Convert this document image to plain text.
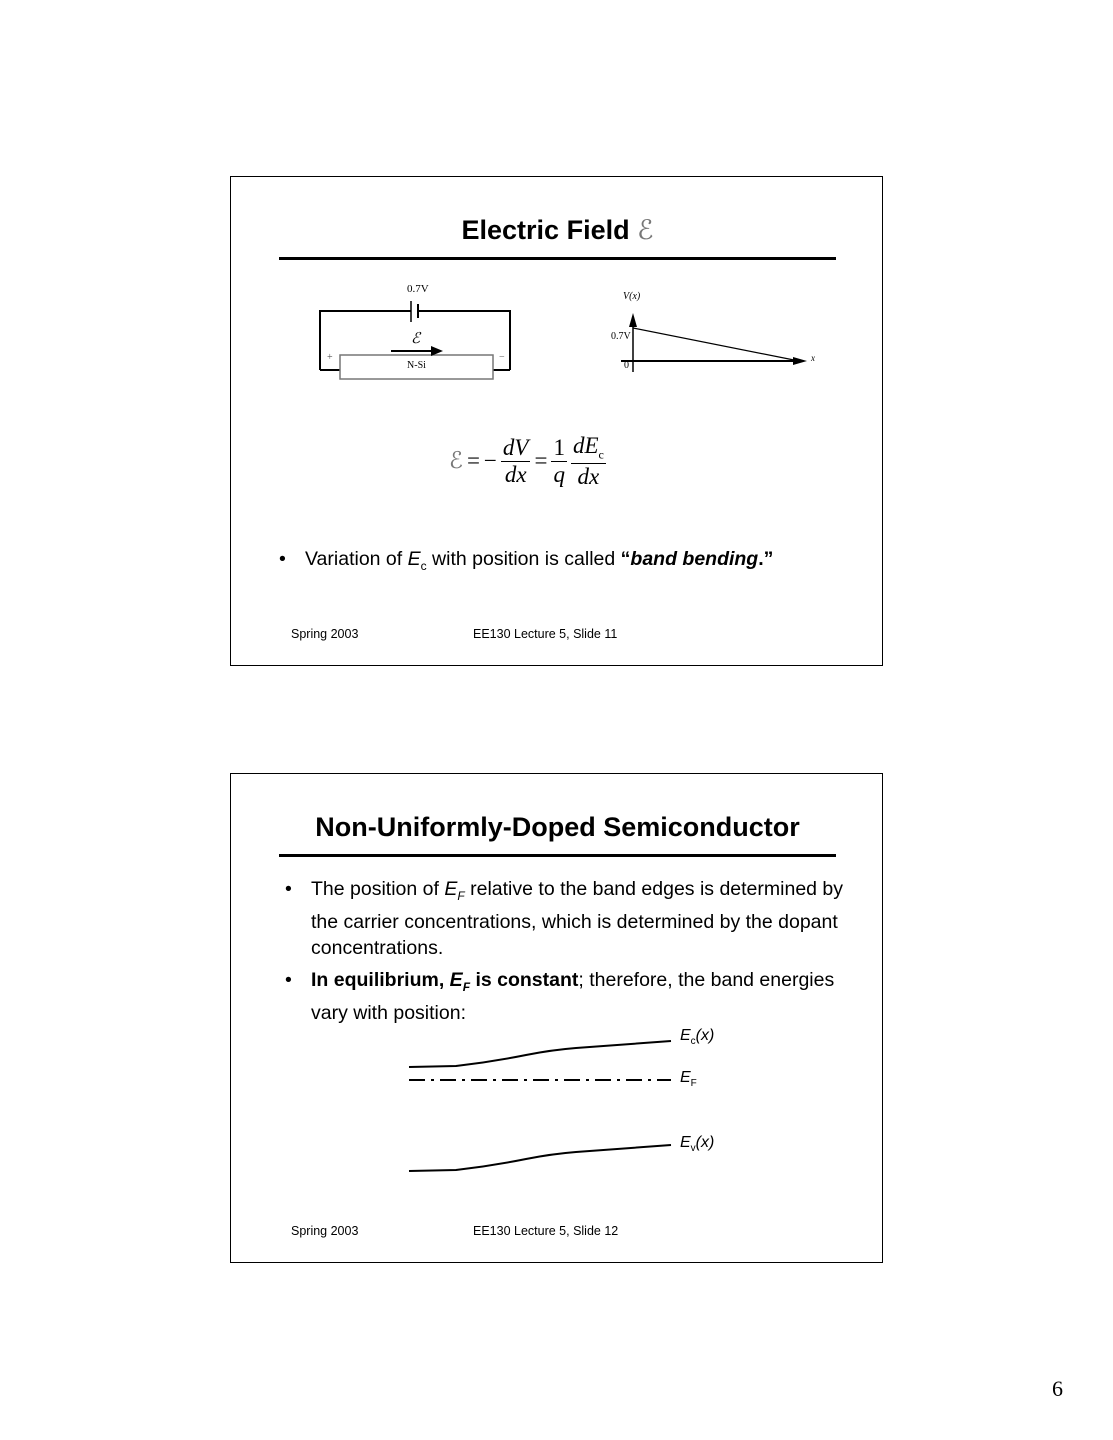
Electric Field ℰ
0.7V
ℰ
N-Si
+	−
V(x)
0.7V
0
x
ℰ = − $\frac{dV}{dx} = \frac{1}{q} \frac{dE_c}{dx}$
• Variation of $E_c$ with position is called “band bending.”
Spring 2003	EE130 Lecture 5, Slide 11
Non-Uniformly-Doped Semiconductor
• The position of $E_F$ relative to the band edges is determined by the carrier concentrations, which is determined by the dopant concentrations.
• In equilibrium, $E_F$ is constant; therefore, the band energies vary with position:
$E_c(x)$
$E_F$
$E_v(x)$
Spring 2003	EE130 Lecture 5, Slide 12
6
